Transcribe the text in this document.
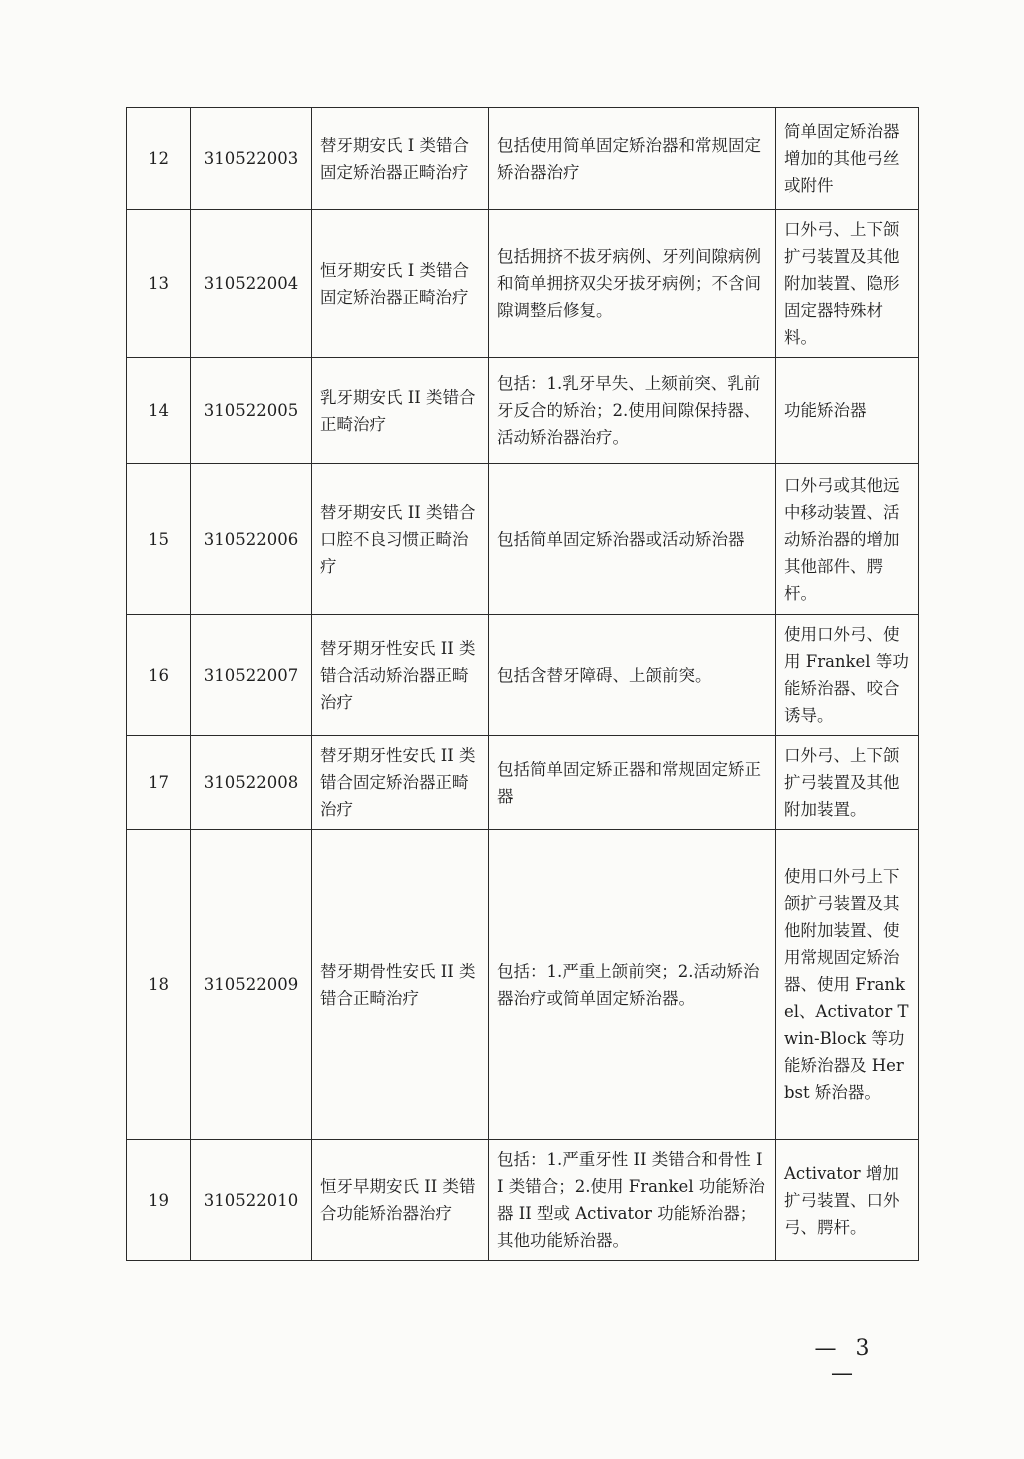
12	310522003	替牙期安氏 I 类错合固定矫治器正畸治疗	包括使用简单固定矫治器和常规固定矫治器治疗	简单固定矫治器增加的其他弓丝或附件
13	310522004	恒牙期安氏 I 类错合固定矫治器正畸治疗	包括拥挤不拔牙病例、牙列间隙病例和简单拥挤双尖牙拔牙病例；不含间隙调整后修复。	口外弓、上下颌扩弓装置及其他附加装置、隐形固定器特殊材料。
14	310522005	乳牙期安氏 II 类错合正畸治疗	包括：1.乳牙早失、上颏前突、乳前牙反合的矫治；2.使用间隙保持器、活动矫治器治疗。	功能矫治器
15	310522006	替牙期安氏 II 类错合口腔不良习惯正畸治疗	包括简单固定矫治器或活动矫治器	口外弓或其他远中移动装置、活动矫治器的增加其他部件、腭杆。
16	310522007	替牙期牙性安氏 II 类错合活动矫治器正畸治疗	包括含替牙障碍、上颌前突。	使用口外弓、使用 Frankel 等功能矫治器、咬合诱导。
17	310522008	替牙期牙性安氏 II 类错合固定矫治器正畸治疗	包括简单固定矫正器和常规固定矫正器	口外弓、上下颌扩弓装置及其他附加装置。
18	310522009	替牙期骨性安氏 II 类错合正畸治疗	包括：1.严重上颌前突；2.活动矫治器治疗或简单固定矫治器。	使用口外弓上下颌扩弓装置及其他附加装置、使用常规固定矫治器、使用 Frankel、Activator Twin-Block 等功能矫治器及 Herbst 矫治器。
19	310522010	恒牙早期安氏 II 类错合功能矫治器治疗	包括：1.严重牙性 II 类错合和骨性 II 类错合；2.使用 Frankel 功能矫治器 II 型或 Activator 功能矫治器；其他功能矫治器。	Activator 增加扩弓装置、口外弓、腭杆。
— 3 —
